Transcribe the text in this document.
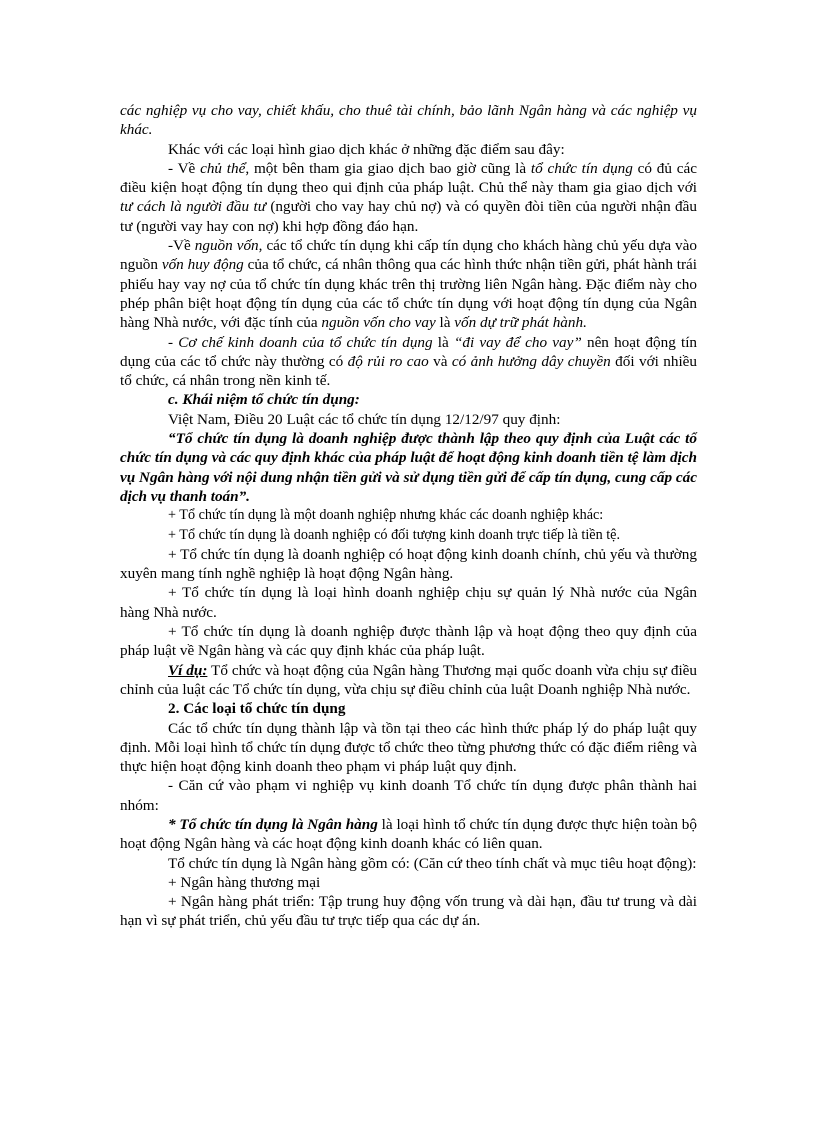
các nghiệp vụ cho vay, chiết khấu, cho thuê tài chính, bảo lãnh Ngân hàng và các nghiệp vụ khác.

Khác với các loại hình giao dịch khác ở những đặc điểm sau đây:

- Về chủ thể, một bên tham gia giao dịch bao giờ cũng là tổ chức tín dụng có đủ các điều kiện hoạt động tín dụng theo qui định của pháp luật. Chủ thể này tham gia giao dịch với tư cách là người đầu tư (người cho vay hay chủ nợ) và có quyền đòi tiền của người nhận đầu tư (người vay hay con nợ) khi hợp đồng đáo hạn.

-Về nguồn vốn, các tổ chức tín dụng khi cấp tín dụng cho khách hàng chủ yếu dựa vào nguồn vốn huy động của tổ chức, cá nhân thông qua các hình thức nhận tiền gửi, phát hành trái phiếu hay vay nợ của tổ chức tín dụng khác trên thị trường liên Ngân hàng. Đặc điểm này cho phép phân biệt hoạt động tín dụng của các tổ chức tín dụng với hoạt động tín dụng của Ngân hàng Nhà nước, với đặc tính của nguồn vốn cho vay là vốn dự trữ phát hành.

- Cơ chế kinh doanh của tổ chức tín dụng là “đi vay để cho vay” nên hoạt động tín dụng của các tổ chức này thường có độ rủi ro cao và có ảnh hưởng dây chuyền đối với nhiều tổ chức, cá nhân trong nền kinh tế.

c. Khái niệm tổ chức tín dụng:

Việt Nam, Điều 20 Luật các tổ chức tín dụng 12/12/97 quy định:

“Tổ chức tín dụng là doanh nghiệp được thành lập theo quy định của Luật các tổ chức tín dụng và các quy định khác của pháp luật để hoạt động kinh doanh tiền tệ làm dịch vụ Ngân hàng với nội dung nhận tiền gửi và sử dụng tiền gửi để cấp tín dụng, cung cấp các dịch vụ thanh toán”.

+ Tổ chức tín dụng là một doanh nghiệp nhưng khác các doanh nghiệp khác:

+ Tổ chức tín dụng là doanh nghiệp có đối tượng kinh doanh trực tiếp là tiền tệ.

+ Tổ chức tín dụng là doanh nghiệp có hoạt động kinh doanh chính, chủ yếu và thường xuyên mang tính nghề nghiệp là hoạt động Ngân hàng.

+ Tổ chức tín dụng là loại hình doanh nghiệp chịu sự quản lý Nhà nước của Ngân hàng Nhà nước.

+ Tổ chức tín dụng là doanh nghiệp được thành lập và hoạt động theo quy định của pháp luật về Ngân hàng và các quy định khác của pháp luật.

Ví dụ: Tổ chức và hoạt động của Ngân hàng Thương mại quốc doanh vừa chịu sự điều chỉnh của luật các Tổ chức tín dụng, vừa chịu sự điều chỉnh của luật Doanh nghiệp Nhà nước.

2. Các loại tổ chức tín dụng

Các tổ chức tín dụng thành lập và tồn tại theo các hình thức pháp lý do pháp luật quy định. Mỗi loại hình tổ chức tín dụng được tổ chức theo từng phương thức có đặc điểm riêng và thực hiện hoạt động kinh doanh theo phạm vi pháp luật quy định.

- Căn cứ vào phạm vi nghiệp vụ kinh doanh Tổ chức tín dụng được phân thành hai nhóm:

* Tổ chức tín dụng là Ngân hàng là loại hình tổ chức tín dụng được thực hiện toàn bộ hoạt động Ngân hàng và các hoạt động kinh doanh khác có liên quan.

Tổ chức tín dụng là Ngân hàng gồm có: (Căn cứ theo tính chất và mục tiêu hoạt động):

+ Ngân hàng thương mại

+ Ngân hàng phát triển: Tập trung huy động vốn trung và dài hạn, đầu tư trung và dài hạn vì sự phát triển, chủ yếu đầu tư trực tiếp qua các dự án.
